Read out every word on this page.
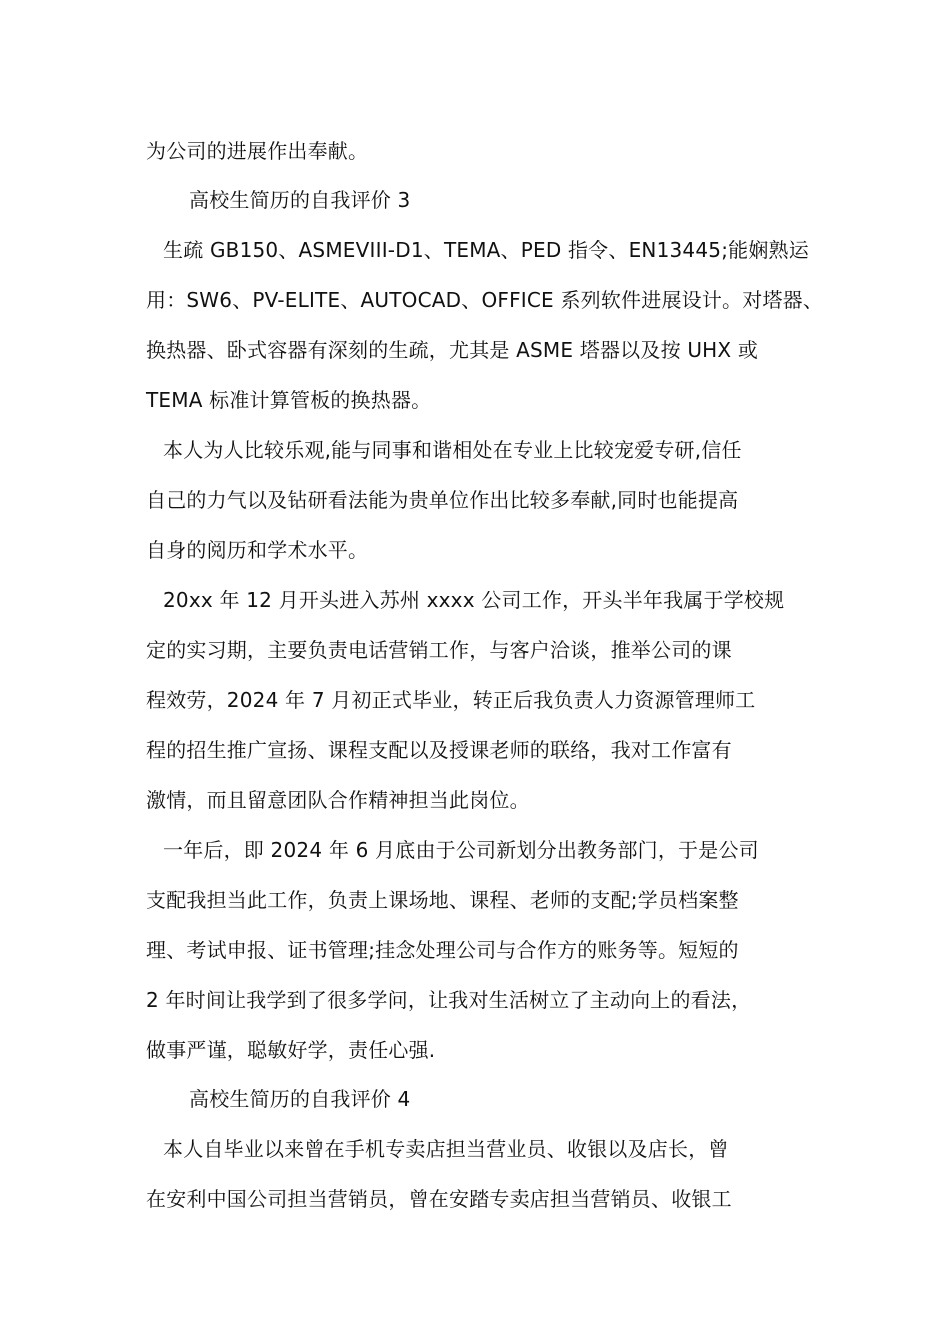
为公司的进展作出奉献。
高校生简历的自我评价 3
生疏 GB150、ASMEVIII-D1、TEMA、PED 指令、EN13445;能娴熟运
用：SW6、PV-ELITE、AUTOCAD、OFFICE 系列软件进展设计。对塔器、
换热器、卧式容器有深刻的生疏，尤其是 ASME 塔器以及按 UHX 或
TEMA 标准计算管板的换热器。
本人为人比较乐观,能与同事和谐相处在专业上比较宠爱专研,信任
自己的力气以及钻研看法能为贵单位作出比较多奉献,同时也能提高
自身的阅历和学术水平。
20xx 年 12 月开头进入苏州 xxxx 公司工作，开头半年我属于学校规
定的实习期，主要负责电话营销工作，与客户洽谈，推举公司的课
程效劳，2024 年 7 月初正式毕业，转正后我负责人力资源管理师工
程的招生推广宣扬、课程支配以及授课老师的联络，我对工作富有
激情，而且留意团队合作精神担当此岗位。
一年后，即 2024 年 6 月底由于公司新划分出教务部门，于是公司
支配我担当此工作，负责上课场地、课程、老师的支配;学员档案整
理、考试申报、证书管理;挂念处理公司与合作方的账务等。短短的
2 年时间让我学到了很多学问，让我对生活树立了主动向上的看法，
做事严谨，聪敏好学，责任心强.
高校生简历的自我评价 4
本人自毕业以来曾在手机专卖店担当营业员、收银以及店长，曾
在安利中国公司担当营销员，曾在安踏专卖店担当营销员、收银工
